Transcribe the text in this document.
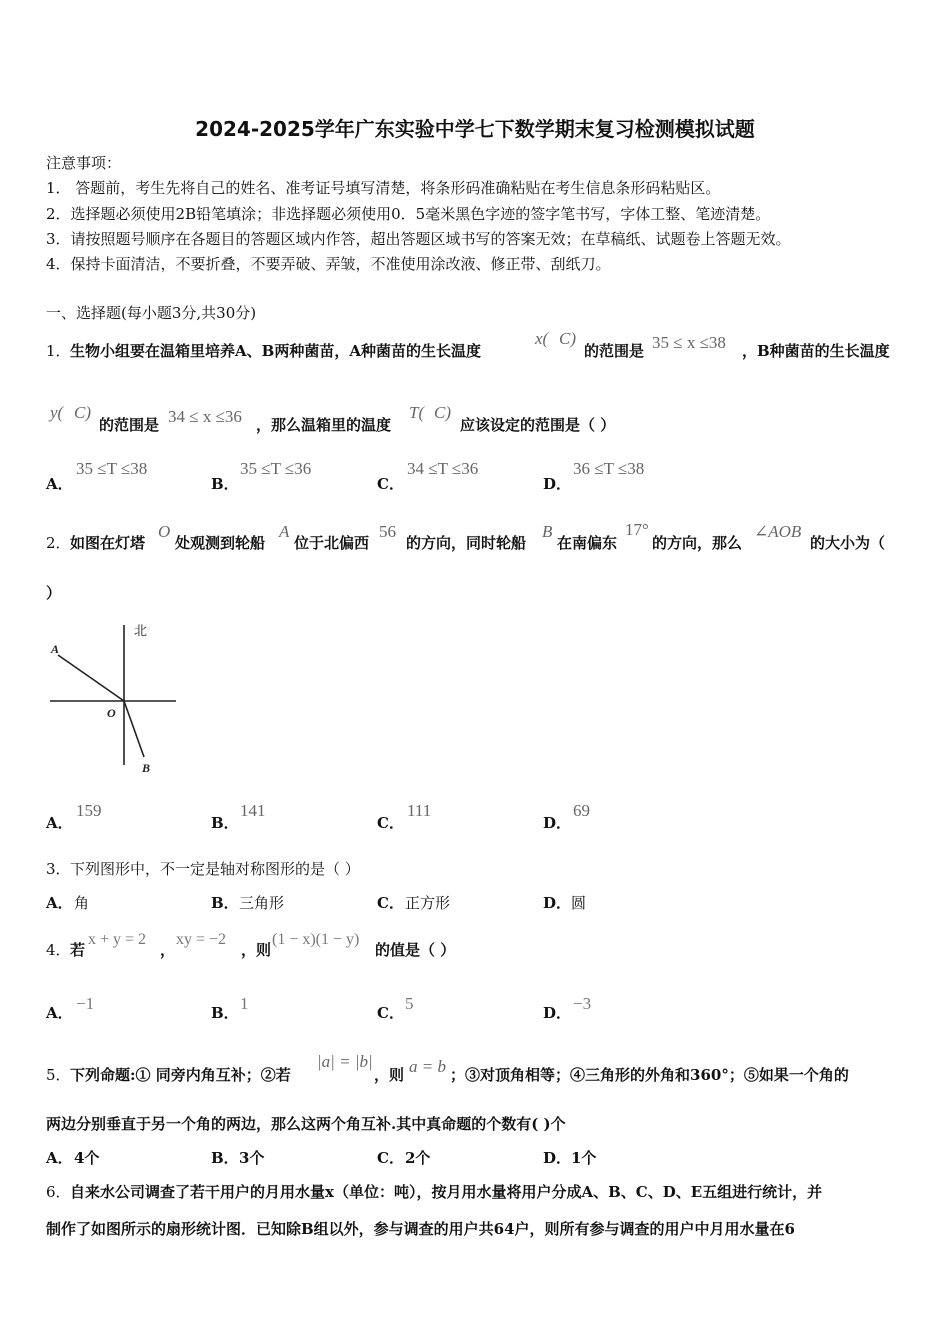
2024-2025学年广东实验中学七下数学期末复习检测模拟试题
注意事项：
1． 答题前，考生先将自己的姓名、准考证号填写清楚，将条形码准确粘贴在考生信息条形码粘贴区。
2．选择题必须使用2B铅笔填涂；非选择题必须使用0．5毫米黑色字迹的签字笔书写，字体工整、笔迹清楚。
3．请按照题号顺序在各题目的答题区域内作答，超出答题区域书写的答案无效；在草稿纸、试题卷上答题无效。
4．保持卡面清洁，不要折叠，不要弄破、弄皱，不准使用涂改液、修正带、刮纸刀。
一、选择题(每小题3分,共30分)
1． 生物小组要在温箱里培养A、B两种菌苗，A种菌苗的生长温度
x( C)
的范围是 35 ≤ x ≤38 ，B种菌苗的生长温度
y( C)
的范围是 34 ≤ x ≤36 ，那么温箱里的温度
T( C)
应该设定的范围是（ ）
A．
35 ≤T ≤38
B．
35 ≤T ≤36
C．
34 ≤T ≤36
D．
36 ≤T ≤38
2． 如图在灯塔
O
处观测到轮船
A
位于北偏西
56
的方向，同时轮船
B
在南偏东
17°
的方向，那么
∠AOB
的大小为（
）
北
A
O
B
A．
159
B．
141
C．
111
D．
69
3． 下列图形中，不一定是轴对称图形的是（ ）
A． 角	B． 三角形	C． 正方形	D． 圆
4． 若
x + y = 2
，
xy = −2
，则
(1 − x)(1 − y)
的值是（ ）
A． −1	B． 1	C． 5	D． −3
5． 下列命题:① 同旁内角互补；②若
|a| = |b|
，则 a = b ；③对顶角相等；④三角形的外角和360°；⑤如果一个角的
两边分别垂直于另一个角的两边，那么这两个角互补.其中真命题的个数有( )个
A． 4个	B． 3个	C． 2个	D． 1个
6． 自来水公司调查了若干用户的月用水量x（单位：吨），按月用水量将用户分成A、B、C、D、E五组进行统计，并
制作了如图所示的扇形统计图．已知除B组以外，参与调查的用户共64户，则所有参与调查的用户中月用水量在6
